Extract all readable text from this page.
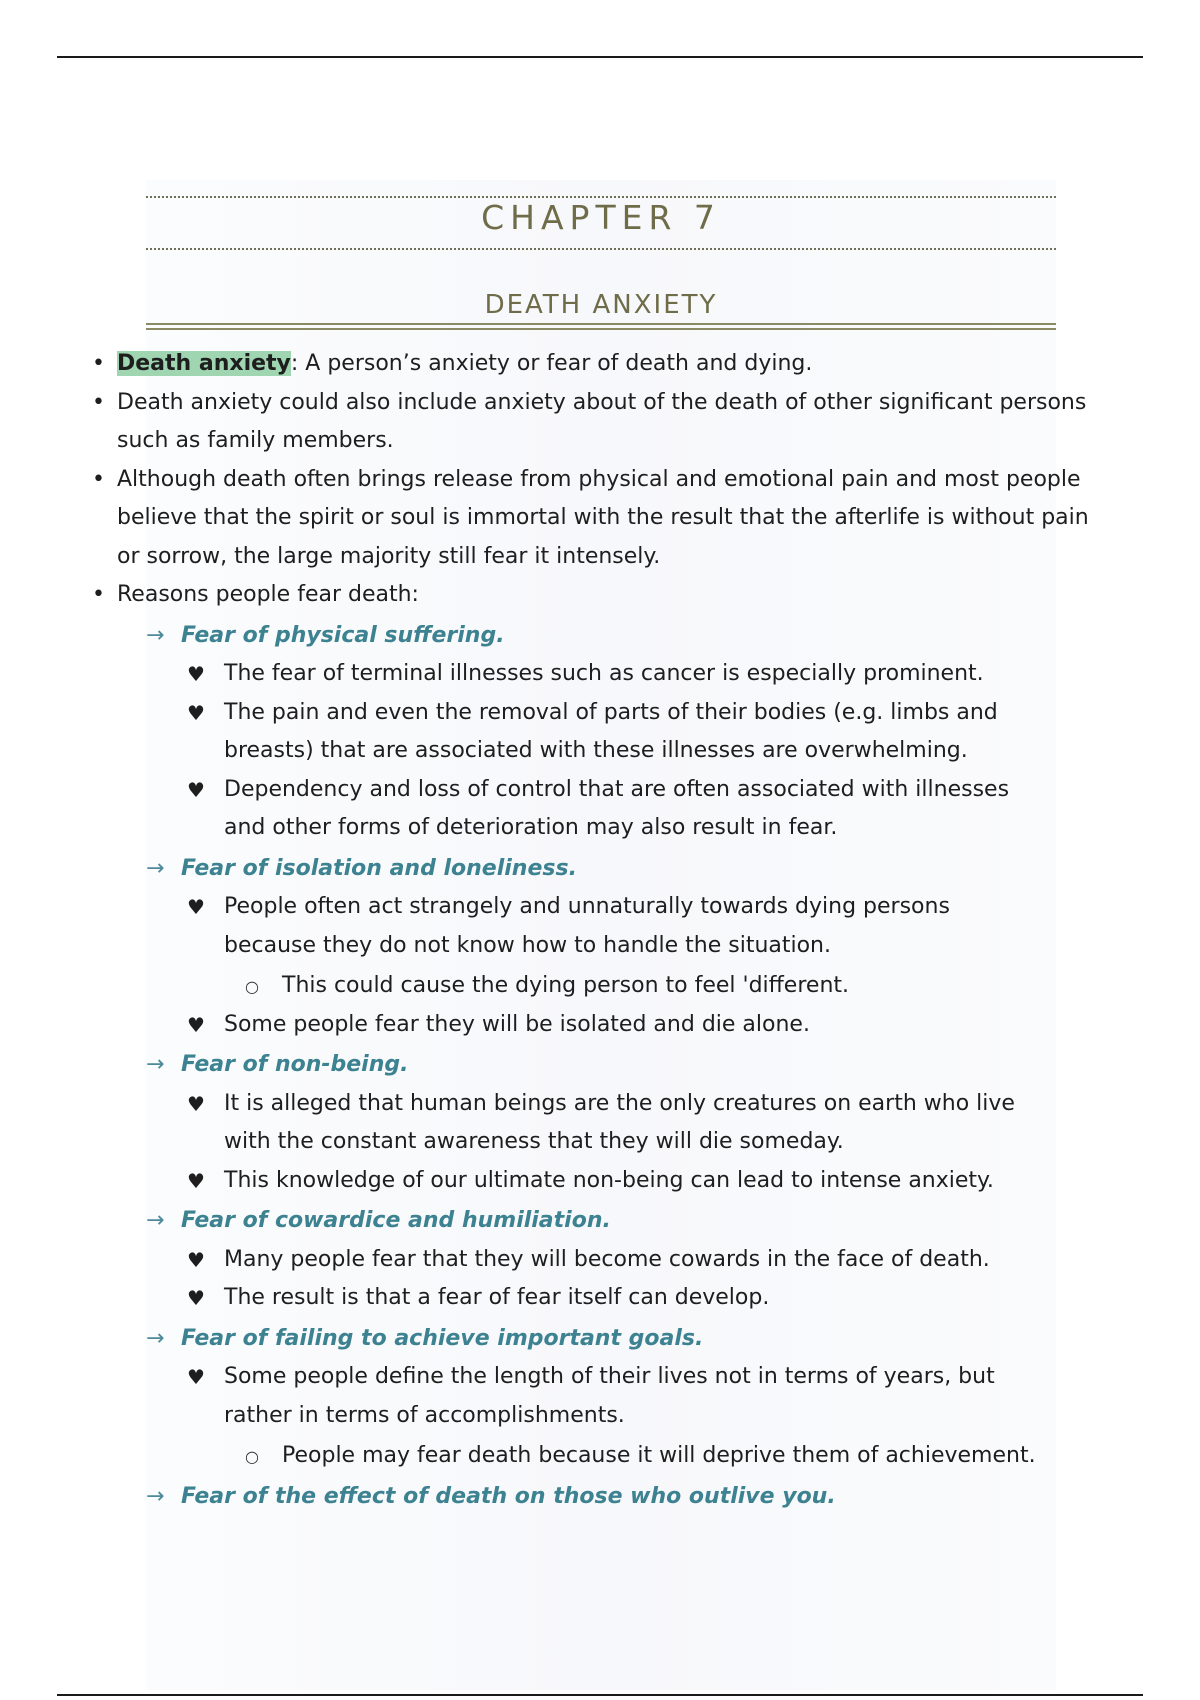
CHAPTER 7
DEATH ANXIETY
• Death anxiety: A person’s anxiety or fear of death and dying.
• Death anxiety could also include anxiety about of the death of other significant persons such as family members.
• Although death often brings release from physical and emotional pain and most people believe that the spirit or soul is immortal with the result that the afterlife is without pain or sorrow, the large majority still fear it intensely.
• Reasons people fear death:
→ Fear of physical suffering.
♥ The fear of terminal illnesses such as cancer is especially prominent.
♥ The pain and even the removal of parts of their bodies (e.g. limbs and breasts) that are associated with these illnesses are overwhelming.
♥ Dependency and loss of control that are often associated with illnesses and other forms of deterioration may also result in fear.
→ Fear of isolation and loneliness.
♥ People often act strangely and unnaturally towards dying persons because they do not know how to handle the situation.
○ This could cause the dying person to feel 'different.
♥ Some people fear they will be isolated and die alone.
→ Fear of non-being.
♥ It is alleged that human beings are the only creatures on earth who live with the constant awareness that they will die someday.
♥ This knowledge of our ultimate non-being can lead to intense anxiety.
→ Fear of cowardice and humiliation.
♥ Many people fear that they will become cowards in the face of death.
♥ The result is that a fear of fear itself can develop.
→ Fear of failing to achieve important goals.
♥ Some people define the length of their lives not in terms of years, but rather in terms of accomplishments.
○ People may fear death because it will deprive them of achievement.
→ Fear of the effect of death on those who outlive you.
